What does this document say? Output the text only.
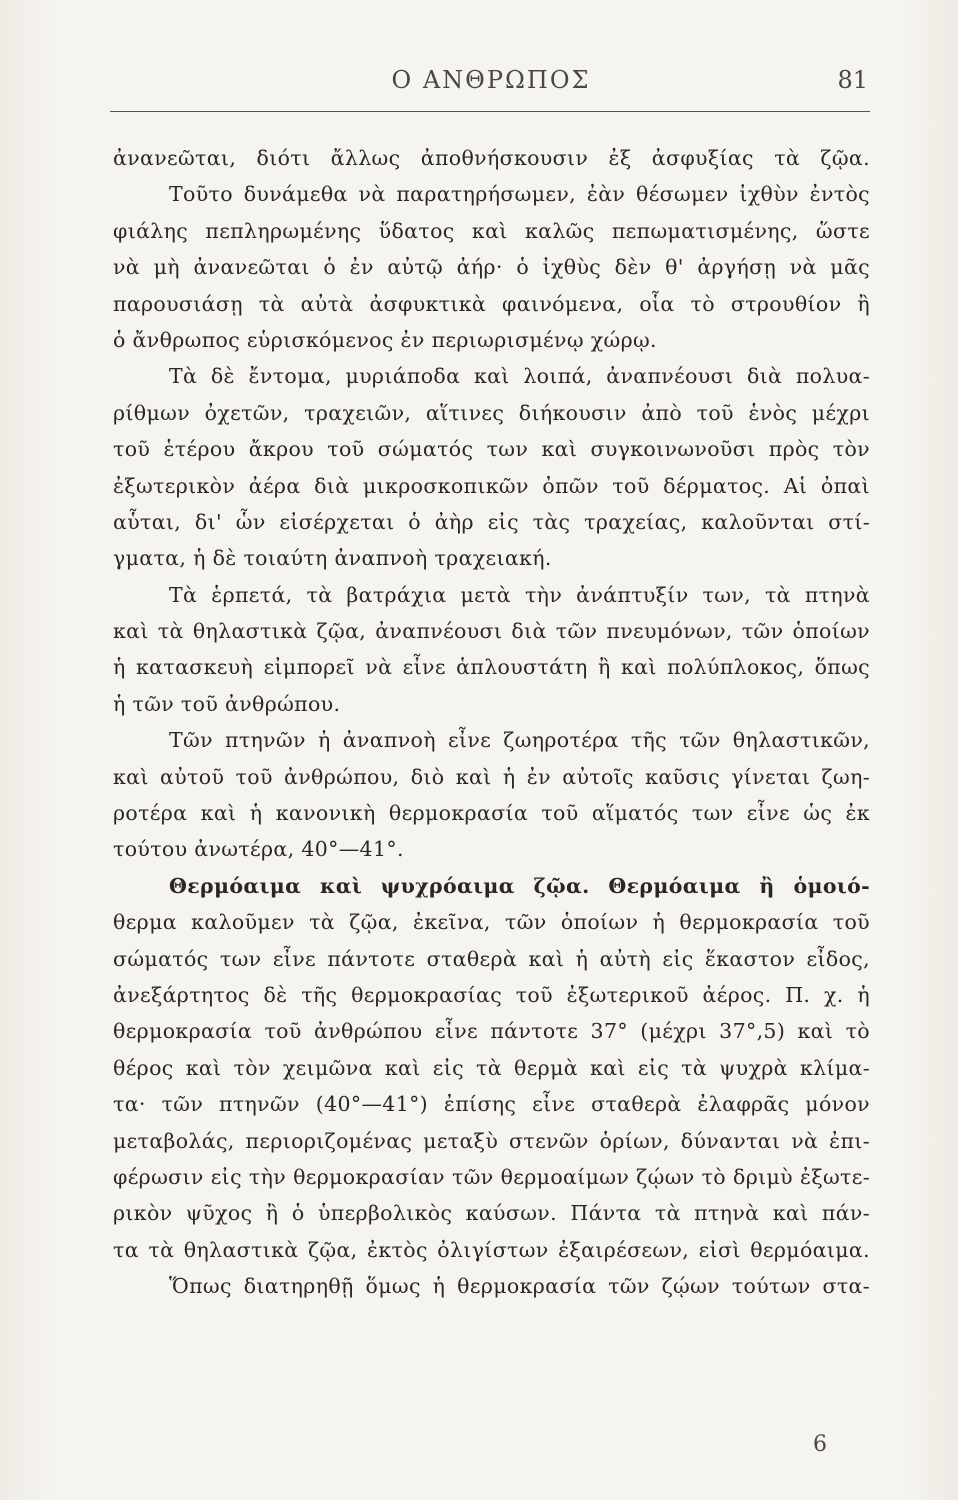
Ο ΑΝΘΡΩΠΟΣ	81
ἀνανεῶται, διότι ἄλλως ἀποθνήσκουσιν ἐξ ἀσφυξίας τὰ ζῷα.
Τοῦτο δυνάμεθα νὰ παρατηρήσωμεν, ἐὰν θέσωμεν ἰχθὺν ἐντὸς
φιάλης πεπληρωμένης ὕδατος καὶ καλῶς πεπωματισμένης, ὥστε
νὰ μὴ ἀνανεῶται ὁ ἐν αὐτῷ ἀήρ· ὁ ἰχθὺς δὲν θ' ἀργήσῃ νὰ μᾶς
παρουσιάσῃ τὰ αὐτὰ ἀσφυκτικὰ φαινόμενα, οἷα τὸ στρουθίον ἢ
ὁ ἄνθρωπος εὑρισκόμενος ἐν περιωρισμένῳ χώρῳ.
Τὰ δὲ ἔντομα, μυριάποδα καὶ λοιπά, ἀναπνέουσι διὰ πολυα-
ρίθμων ὀχετῶν, τραχειῶν, αἵτινες διήκουσιν ἀπὸ τοῦ ἑνὸς μέχρι
τοῦ ἑτέρου ἄκρου τοῦ σώματός των καὶ συγκοινωνοῦσι πρὸς τὸν
ἐξωτερικὸν ἀέρα διὰ μικροσκοπικῶν ὀπῶν τοῦ δέρματος. Αἱ ὀπαὶ
αὗται, δι' ὧν εἰσέρχεται ὁ ἀὴρ εἰς τὰς τραχείας, καλοῦνται στί-
γματα, ἡ δὲ τοιαύτη ἀναπνοὴ τραχειακή.
Τὰ ἑρπετά, τὰ βατράχια μετὰ τὴν ἀνάπτυξίν των, τὰ πτηνὰ
καὶ τὰ θηλαστικὰ ζῷα, ἀναπνέουσι διὰ τῶν πνευμόνων, τῶν ὁποίων
ἡ κατασκευὴ εἰμπορεῖ νὰ εἶνε ἁπλουστάτη ἢ καὶ πολύπλοκος, ὅπως
ἡ τῶν τοῦ ἀνθρώπου.
Τῶν πτηνῶν ἡ ἀναπνοὴ εἶνε ζωηροτέρα τῆς τῶν θηλαστικῶν,
καὶ αὐτοῦ τοῦ ἀνθρώπου, διὸ καὶ ἡ ἐν αὐτοῖς καῦσις γίνεται ζωη-
ροτέρα καὶ ἡ κανονικὴ θερμοκρασία τοῦ αἵματός των εἶνε ὡς ἐκ
τούτου ἀνωτέρα, 40°—41°.
Θερμόαιμα καὶ ψυχρόαιμα ζῷα. Θερμόαιμα ἢ ὁμοιό-
θερμα καλοῦμεν τὰ ζῷα, ἐκεῖνα, τῶν ὁποίων ἡ θερμοκρασία τοῦ
σώματός των εἶνε πάντοτε σταθερὰ καὶ ἡ αὐτὴ εἰς ἕκαστον εἶδος,
ἀνεξάρτητος δὲ τῆς θερμοκρασίας τοῦ ἐξωτερικοῦ ἀέρος. Π. χ. ἡ
θερμοκρασία τοῦ ἀνθρώπου εἶνε πάντοτε 37° (μέχρι 37°,5) καὶ τὸ
θέρος καὶ τὸν χειμῶνα καὶ εἰς τὰ θερμὰ καὶ εἰς τὰ ψυχρὰ κλίμα-
τα· τῶν πτηνῶν (40°—41°) ἐπίσης εἶνε σταθερὰ ἐλαφρᾶς μόνον
μεταβολάς, περιοριζομένας μεταξὺ στενῶν ὁρίων, δύνανται νὰ ἐπι-
φέρωσιν εἰς τὴν θερμοκρασίαν τῶν θερμοαίμων ζῴων τὸ δριμὺ ἐξωτε-
ρικὸν ψῦχος ἢ ὁ ὑπερβολικὸς καύσων. Πάντα τὰ πτηνὰ καὶ πάν-
τα τὰ θηλαστικὰ ζῷα, ἐκτὸς ὀλιγίστων ἐξαιρέσεων, εἰσὶ θερμόαιμα.
Ὅπως διατηρηθῇ ὅμως ἡ θερμοκρασία τῶν ζῴων τούτων στα-
6
